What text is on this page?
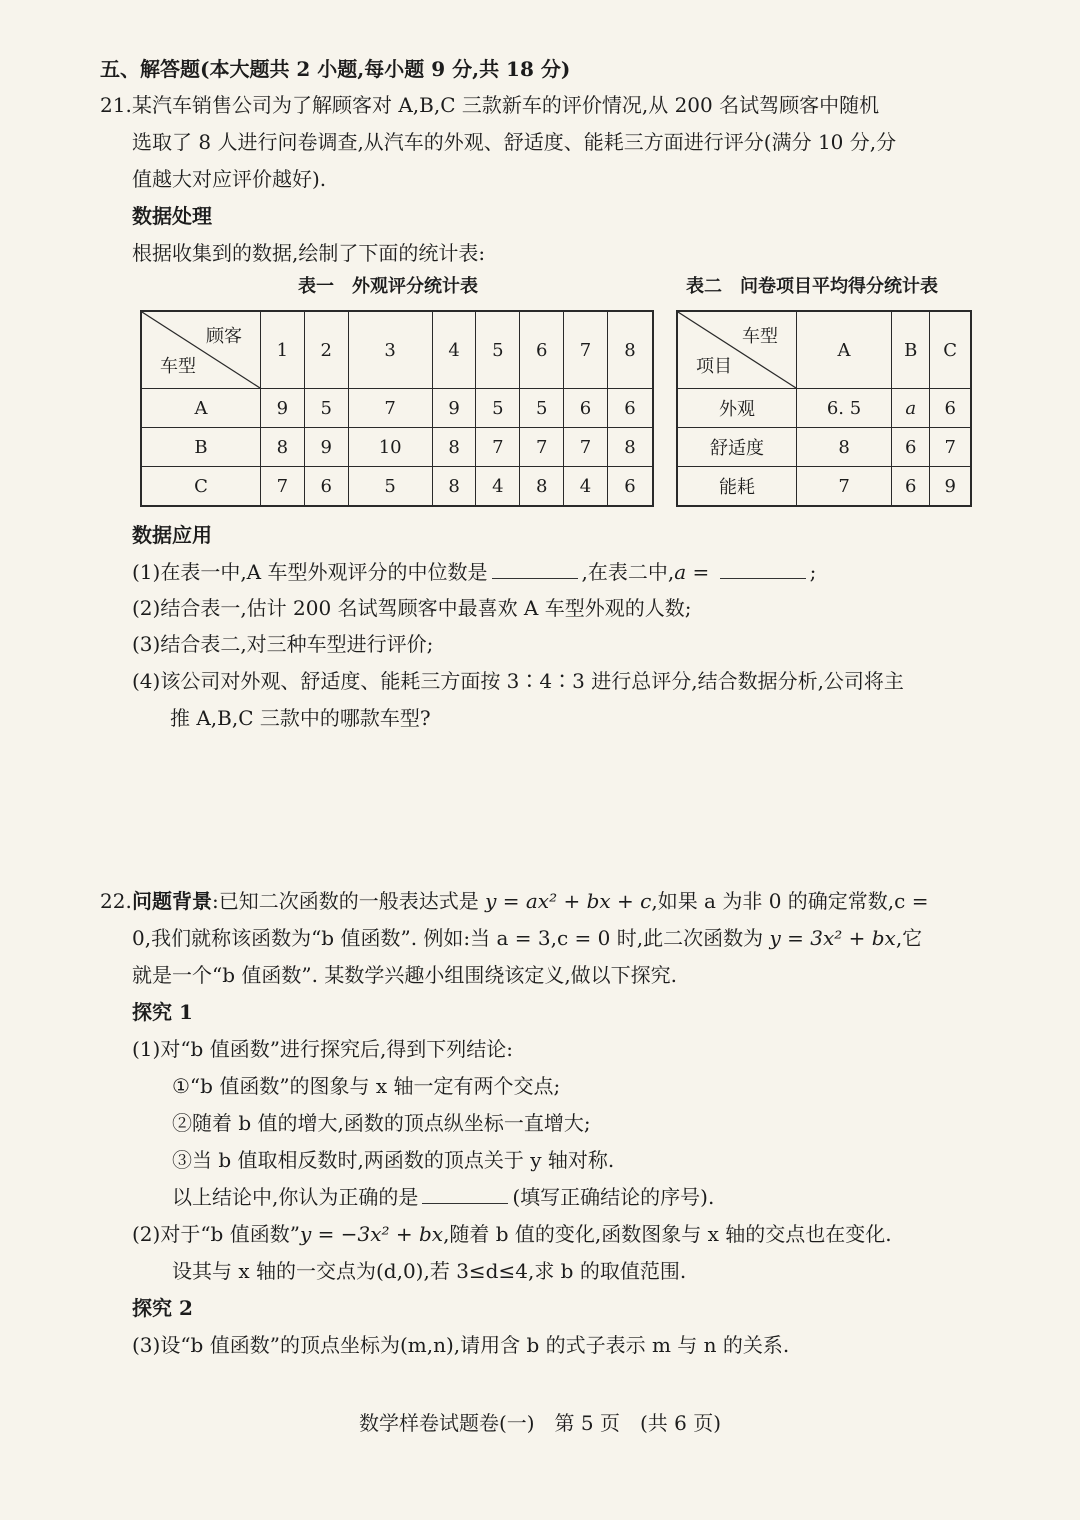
五、解答题(本大题共 2 小题,每小题 9 分,共 18 分)
21. 某汽车销售公司为了解顾客对 A,B,C 三款新车的评价情况,从 200 名试驾顾客中随机
选取了 8 人进行问卷调查,从汽车的外观、舒适度、能耗三方面进行评分(满分 10 分,分
值越大对应评价越好).
数据处理
根据收集到的数据,绘制了下面的统计表:
表一　外观评分统计表	表二　问卷项目平均得分统计表
顾客
车型	1	2	3	4	5	6	7	8
A	9	5	7	9	5	5	6	6
B	8	9	10	8	7	7	7	8
C	7	6	5	8	4	8	4	6
车型
项目	A	B	C
外观	6. 5	a	6
舒适度	8	6	7
能耗	7	6	9
数据应用
(1)在表一中,A 车型外观评分的中位数是	,在表二中,a =	;
(2)结合表一,估计 200 名试驾顾客中最喜欢 A 车型外观的人数;
(3)结合表二,对三种车型进行评价;
(4)该公司对外观、舒适度、能耗三方面按 3∶4∶3 进行总评分,结合数据分析,公司将主
推 A,B,C 三款中的哪款车型?
22. 问题背景:已知二次函数的一般表达式是 y = ax² + bx + c,如果 a 为非 0 的确定常数,c =
0,我们就称该函数为“b 值函数”. 例如:当 a = 3,c = 0 时,此二次函数为 y = 3x² + bx,它
就是一个“b 值函数”. 某数学兴趣小组围绕该定义,做以下探究.
探究 1
(1)对“b 值函数”进行探究后,得到下列结论:
①“b 值函数”的图象与 x 轴一定有两个交点;
②随着 b 值的增大,函数的顶点纵坐标一直增大;
③当 b 值取相反数时,两函数的顶点关于 y 轴对称.
以上结论中,你认为正确的是	(填写正确结论的序号).
(2)对于“b 值函数”y = −3x² + bx,随着 b 值的变化,函数图象与 x 轴的交点也在变化.
设其与 x 轴的一交点为(d,0),若 3≤d≤4,求 b 的取值范围.
探究 2
(3)设“b 值函数”的顶点坐标为(m,n),请用含 b 的式子表示 m 与 n 的关系.
数学样卷试题卷(一)　第 5 页　(共 6 页)
